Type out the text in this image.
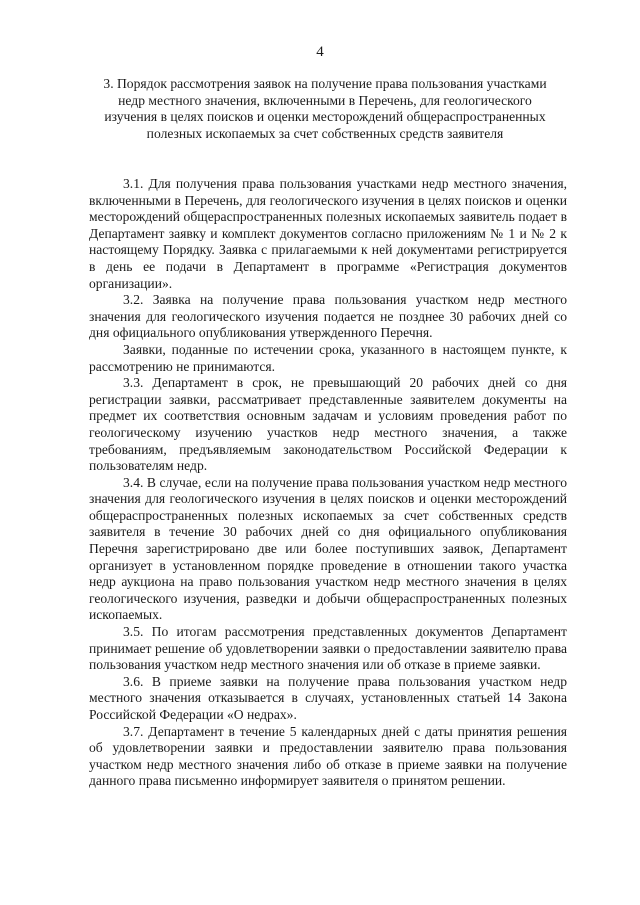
4
3. Порядок рассмотрения заявок на получение права пользования участками недр местного значения, включенными в Перечень, для геологического изучения в целях поисков и оценки месторождений общераспространенных полезных ископаемых за счет собственных средств заявителя

3.1. Для получения права пользования участками недр местного значения, включенными в Перечень, для геологического изучения в целях поисков и оценки месторождений общераспространенных полезных ископаемых заявитель подает в Департамент заявку и комплект документов согласно приложениям № 1 и № 2 к настоящему Порядку. Заявка с прилагаемыми к ней документами регистрируется в день ее подачи в Департамент в программе «Регистрация документов организации».

3.2. Заявка на получение права пользования участком недр местного значения для геологического изучения подается не позднее 30 рабочих дней со дня официального опубликования утвержденного Перечня.

Заявки, поданные по истечении срока, указанного в настоящем пункте, к рассмотрению не принимаются.

3.3. Департамент в срок, не превышающий 20 рабочих дней со дня регистрации заявки, рассматривает представленные заявителем документы на предмет их соответствия основным задачам и условиям проведения работ по геологическому изучению участков недр местного значения, а также требованиям, предъявляемым законодательством Российской Федерации к пользователям недр.

3.4. В случае, если на получение права пользования участком недр местного значения для геологического изучения в целях поисков и оценки месторождений общераспространенных полезных ископаемых за счет собственных средств заявителя в течение 30 рабочих дней со дня официального опубликования Перечня зарегистрировано две или более поступивших заявок, Департамент организует в установленном порядке проведение в отношении такого участка недр аукциона на право пользования участком недр местного значения в целях геологического изучения, разведки и добычи общераспространенных полезных ископаемых.

3.5. По итогам рассмотрения представленных документов Департамент принимает решение об удовлетворении заявки о предоставлении заявителю права пользования участком недр местного значения или об отказе в приеме заявки.

3.6. В приеме заявки на получение права пользования участком недр местного значения отказывается в случаях, установленных статьей 14 Закона Российской Федерации «О недрах».

3.7. Департамент в течение 5 календарных дней с даты принятия решения об удовлетворении заявки и предоставлении заявителю права пользования участком недр местного значения либо об отказе в приеме заявки на получение данного права письменно информирует заявителя о принятом решении.
